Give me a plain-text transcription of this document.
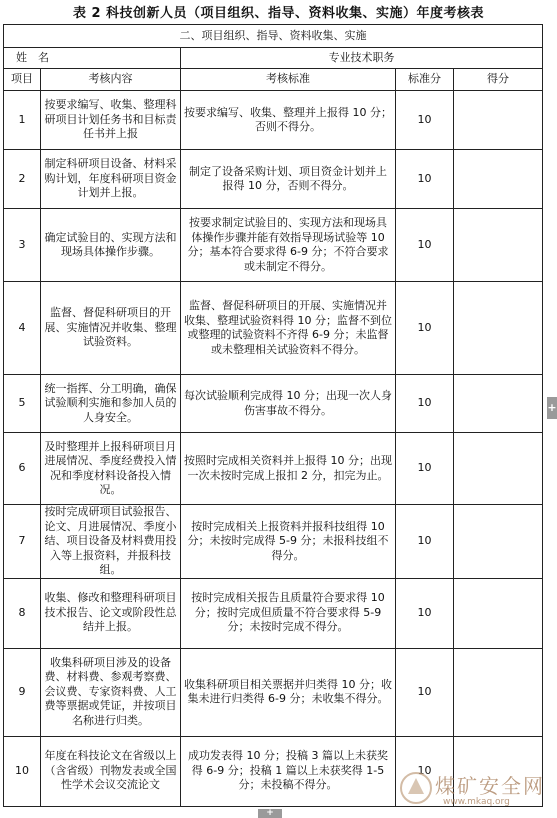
表 2 科技创新人员（项目组织、指导、资料收集、实施）年度考核表
二、项目组织、指导、资料收集、实施				
姓　名		专业技术职务		
项目	考核内容	考核标准	标准分	得分
1	按要求编写、收集、整理科研项目计划任务书和目标责任书并上报	按要求编写、收集、整理并上报得 10 分；否则不得分。	10	
2	制定科研项目设备、材料采购计划，年度科研项目资金计划并上报。	制定了设备采购计划、项目资金计划并上报得 10 分，否则不得分。	10	
3	确定试验目的、实现方法和现场具体操作步骤。	按要求制定试验目的、实现方法和现场具体操作步骤并能有效指导现场试验等 10 分；基本符合要求得 6-9 分；不符合要求或未制定不得分。	10	
4	监督、督促科研项目的开展、实施情况并收集、整理试验资料。	监督、督促科研项目的开展、实施情况并收集、整理试验资料得 10 分；监督不到位或整理的试验资料不齐得 6-9 分；未监督或未整理相关试验资料不得分。	10	
5	统一指挥、分工明确，确保试验顺利实施和参加人员的人身安全。	每次试验顺利完成得 10 分；出现一次人身伤害事故不得分。	10	
6	及时整理并上报科研项目月进展情况、季度经费投入情况和季度材料设备投入情况。	按照时完成相关资料并上报得 10 分；出现一次未按时完成上报扣 2 分，扣完为止。	10	
7	按时完成研项目试验报告、论文、月进展情况、季度小结、项目设备及材料费用投入等上报资料，并报科技组。	按时完成相关上报资料并报科技组得 10 分；未按时完成得 5-9 分；未报科技组不得分。	10	
8	收集、修改和整理科研项目技术报告、论文或阶段性总结并上报。	按时完成相关报告且质量符合要求得 10 分；按时完成但质量不符合要求得 5-9 分；未按时完成不得分。	10	
9	收集科研项目涉及的设备费、材料费、参观考察费、会议费、专家资料费、人工费等票据或凭证，并按项目名称进行归类。	收集科研项目相关票据并归类得 10 分；收集未进行归类得 6-9 分；未收集不得分。	10	
10	年度在科技论文在省级以上（含省级）刊物发表或全国性学术会议交流论文	成功发表得 10 分；投稿 3 篇以上未获奖得 6-9 分；投稿 1 篇以上未获奖得 1-5 分；未投稿不得分。	10	
+
+
煤矿安全网
www.mkaq.org
